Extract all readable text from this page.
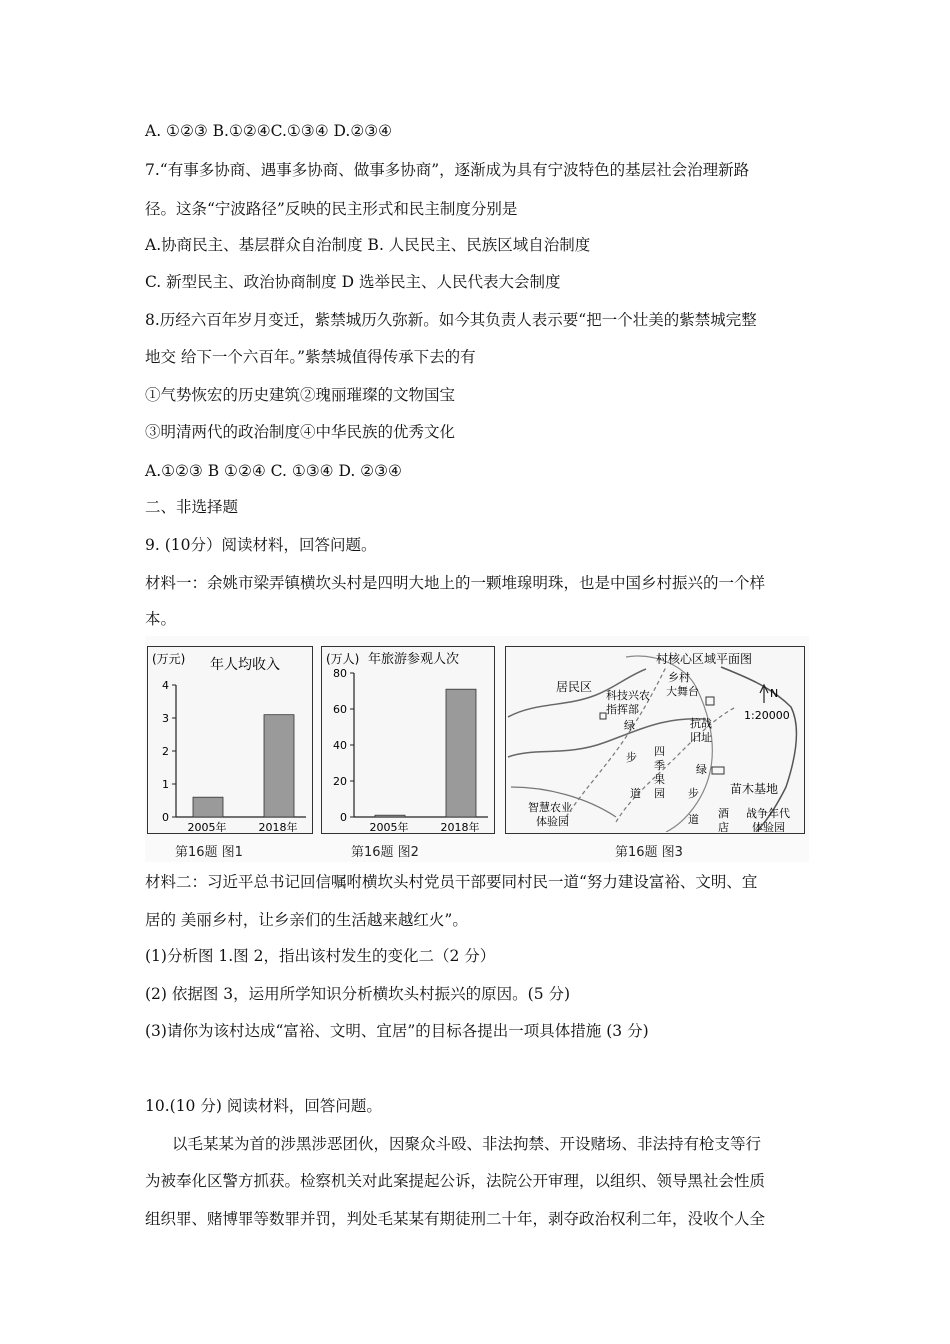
A. ①②③ B.①②④C.①③④ D.②③④
7.“有事多协商、遇事多协商、做事多协商”，逐渐成为具有宁波特色的基层社会治理新路
径。这条“宁波路径”反映的民主形式和民主制度分别是
A.协商民主、基层群众自治制度 B. 人民民主、民族区域自治制度
C. 新型民主、政治协商制度 D 选举民主、人民代表大会制度
8.历经六百年岁月变迁，紫禁城历久弥新。如今其负责人表示要“把一个壮美的紫禁城完整
地交 给下一个六百年。”紫禁城值得传承下去的有
①气势恢宏的历史建筑②瑰丽璀璨的文物国宝
③明清两代的政治制度④中华民族的优秀文化
A.①②③ B ①②④ C. ①③④ D. ②③④
二、非选择题
9. (10分）阅读材料，回答问题。
材料一：余姚市梁弄镇横坎头村是四明大地上的一颗堆瑔明珠，也是中国乡村振兴的一个样
本。
(万元) 年人均收入
0
1
2
3
4
2005年	2018年
第16题 图1
(万人) 年旅游参观人次
0
20
40
60
80
2005年	2018年
第16题 图2
村核心区域平面图
N
1:20000
居民区
科技兴农
指挥部
绿
乡村
大舞台
抗战
旧址
步
道
四
季
果
园
绿
步
道
苗木基地
智慧农业
体验园
酒
店
战争年代
体验园
第16题 图3
材料二：习近平总书记回信嘱咐横坎头村党员干部要同村民一道“努力建设富裕、文明、宜
居的 美丽乡村，让乡亲们的生活越来越红火”。
(1)分析图 1.图 2，指出该村发生的变化二（2 分）
(2) 依据图 3，运用所学知识分析横坎头村振兴的原因。(5 分)
(3)请你为该村达成“富裕、文明、宜居”的目标各提出一项具体措施 (3 分)
10.(10 分) 阅读材料，回答问题。
以毛某某为首的涉黑涉恶团伙，因聚众斗殴、非法拘禁、开设赌场、非法持有枪支等行
为被奉化区警方抓获。检察机关对此案提起公诉，法院公开审理，以组织、领导黑社会性质
组织罪、赌博罪等数罪并罚，判处毛某某有期徒刑二十年，剥夺政治权利二年，没收个人全
